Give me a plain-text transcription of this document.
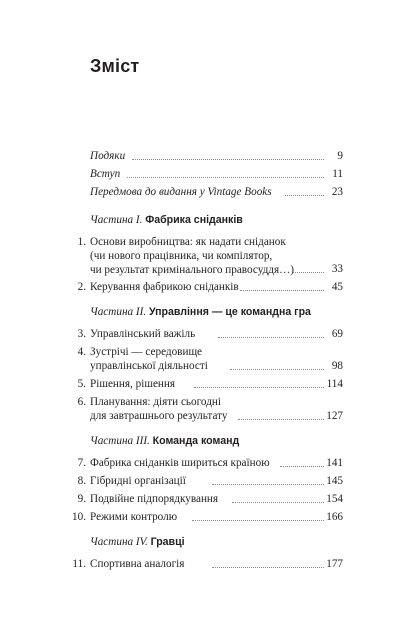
Зміст
Подяки	9
Вступ	11
Передмова до видання у Vintage Books	23
Частина I. Фабрика сніданків
1. Основи виробництва: як надати сніданок
(чи нового працівника, чи компілятор,
чи результат кримінального правосуддя…)	33
2. Керування фабрикою сніданків	45
Частина II. Управління — це командна гра
3. Управлінський важіль	69
4. Зустрічі — середовище
управлінської діяльності	98
5. Рішення, рішення	114
6. Планування: діяти сьогодні
для завтрашнього результату	127
Частина III. Команда команд
7. Фабрика сніданків шириться країною	141
8. Гібридні організації	145
9. Подвійне підпорядкування	154
10. Режими контролю	166
Частина IV. Гравці
11. Спортивна аналогія	177
